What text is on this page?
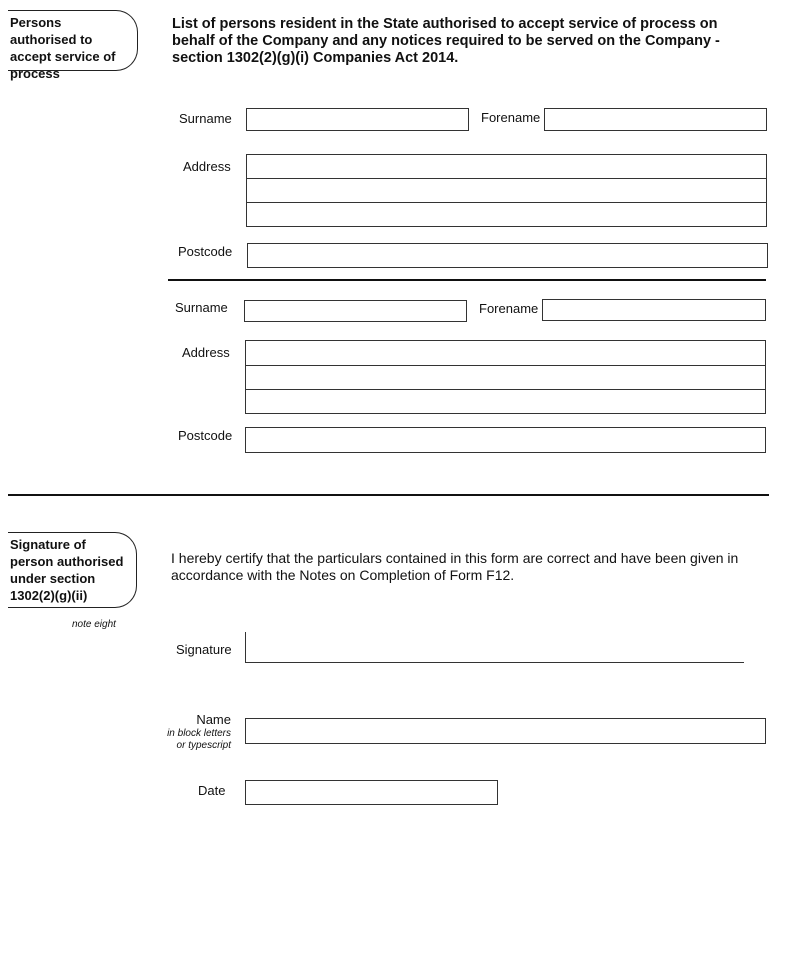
Persons authorised to accept service of process
List of persons resident in the State authorised to accept service of process on behalf of the Company and any notices required to be served on the Company - section 1302(2)(g)(i) Companies Act 2014.
Surname	Forename
Address
Postcode
Surname	Forename
Address
Postcode
Signature of person authorised under section 1302(2)(g)(ii)
note eight
I hereby certify that the particulars contained in this form are correct and have been given in accordance with the Notes on Completion of Form F12.
Signature
Name
in block letters
or typescript
Date
